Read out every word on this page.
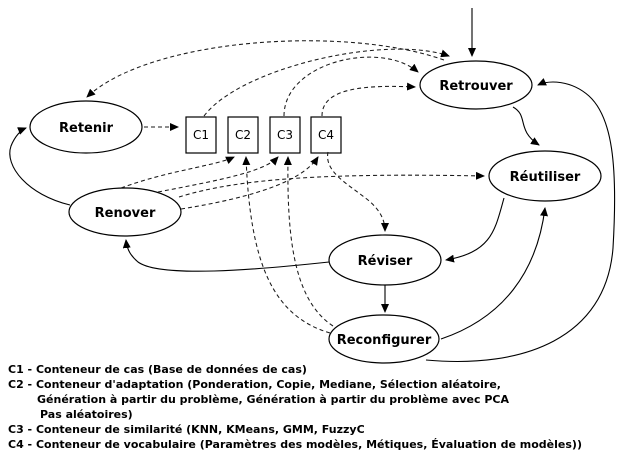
Retenir
Renover
Retrouver
Réutiliser
Réviser
Reconfigurer
C1 C2 C3 C4
C1 - Conteneur de cas (Base de données de cas)
C2 - Conteneur d'adaptation (Ponderation, Copie, Mediane, Sélection aléatoire,
Génération à partir du problème, Génération à partir du problème avec PCA
Pas aléatoires)
C3 - Conteneur de similarité (KNN, KMeans, GMM, FuzzyC
C4 - Conteneur de vocabulaire (Paramètres des modèles, Métiques, Évaluation de modèles))
